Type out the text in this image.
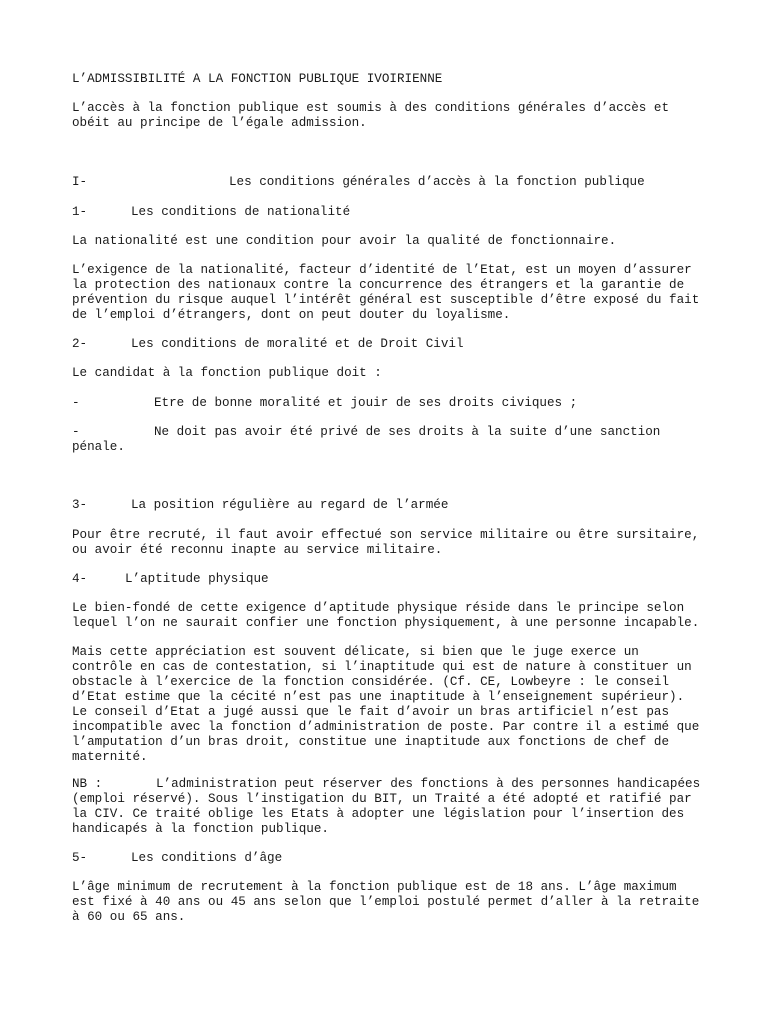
L’ADMISSIBILITÉ A LA FONCTION PUBLIQUE IVOIRIENNE
L’accès à la fonction publique est soumis à des conditions générales d’accès et
obéit au principe de l’égale admission.
I-	Les conditions générales d’accès à la fonction publique
1-	Les conditions de nationalité
La nationalité est une condition pour avoir la qualité de fonctionnaire.
L’exigence de la nationalité, facteur d’identité de l’Etat, est un moyen d’assurer
la protection des nationaux contre la concurrence des étrangers et la garantie de
prévention du risque auquel l’intérêt général est susceptible d’être exposé du fait
de l’emploi d’étrangers, dont on peut douter du loyalisme.
2-	Les conditions de moralité et de Droit Civil
Le candidat à la fonction publique doit :
-	Etre de bonne moralité et jouir de ses droits civiques ;
-	Ne doit pas avoir été privé de ses droits à la suite d’une sanction
pénale.
3-	La position régulière au regard de l’armée
Pour être recruté, il faut avoir effectué son service militaire ou être sursitaire,
ou avoir été reconnu inapte au service militaire.
4-	L’aptitude physique
Le bien-fondé de cette exigence d’aptitude physique réside dans le principe selon
lequel l’on ne saurait confier une fonction physiquement, à une personne incapable.
Mais cette appréciation est souvent délicate, si bien que le juge exerce un
contrôle en cas de contestation, si l’inaptitude qui est de nature à constituer un
obstacle à l’exercice de la fonction considérée. (Cf. CE, Lowbeyre : le conseil
d’Etat estime que la cécité n’est pas une inaptitude à l’enseignement supérieur).
Le conseil d’Etat a jugé aussi que le fait d’avoir un bras artificiel n’est pas
incompatible avec la fonction d’administration de poste. Par contre il a estimé que
l’amputation d’un bras droit, constitue une inaptitude aux fonctions de chef de
maternité.
NB :	L’administration peut réserver des fonctions à des personnes handicapées
(emploi réservé). Sous l’instigation du BIT, un Traité a été adopté et ratifié par
la CIV. Ce traité oblige les Etats à adopter une législation pour l’insertion des
handicapés à la fonction publique.
5-	Les conditions d’âge
L’âge minimum de recrutement à la fonction publique est de 18 ans. L’âge maximum
est fixé à 40 ans ou 45 ans selon que l’emploi postulé permet d’aller à la retraite
à 60 ou 65 ans.
